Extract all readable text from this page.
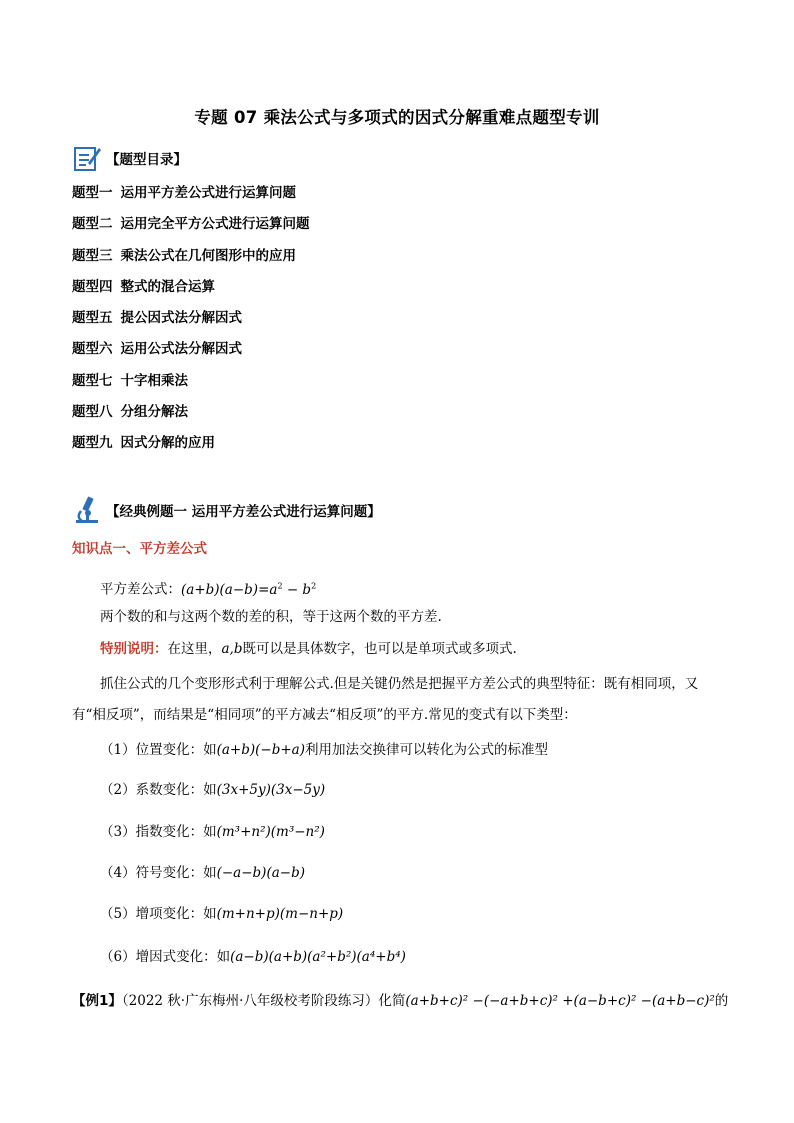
专题 07 乘法公式与多项式的因式分解重难点题型专训
【题型目录】
题型一 运用平方差公式进行运算问题
题型二 运用完全平方公式进行运算问题
题型三 乘法公式在几何图形中的应用
题型四 整式的混合运算
题型五 提公因式法分解因式
题型六 运用公式法分解因式
题型七 十字相乘法
题型八 分组分解法
题型九 因式分解的应用
【经典例题一 运用平方差公式进行运算问题】
知识点一、平方差公式
平方差公式：$(a+b)(a-b)=a^2 - b^2$
两个数的和与这两个数的差的积，等于这两个数的平方差.
特别说明：在这里，a,b既可以是具体数字，也可以是单项式或多项式.
抓住公式的几个变形形式利于理解公式.但是关键仍然是把握平方差公式的典型特征：既有相同项，又
有“相反项”，而结果是“相同项”的平方减去“相反项”的平方.常见的变式有以下类型：
（1）位置变化：如(a+b)(−b+a)利用加法交换律可以转化为公式的标准型
（2）系数变化：如(3x+5y)(3x−5y)
（3）指数变化：如(m³+n²)(m³−n²)
（4）符号变化：如(−a−b)(a−b)
（5）增项变化：如(m+n+p)(m−n+p)
（6）增因式变化：如(a−b)(a+b)(a²+b²)(a⁴+b⁴)
【例1】（2022 秋·广东梅州·八年级校考阶段练习）化简(a+b+c)² −(−a+b+c)² +(a−b+c)² −(a+b−c)²的
